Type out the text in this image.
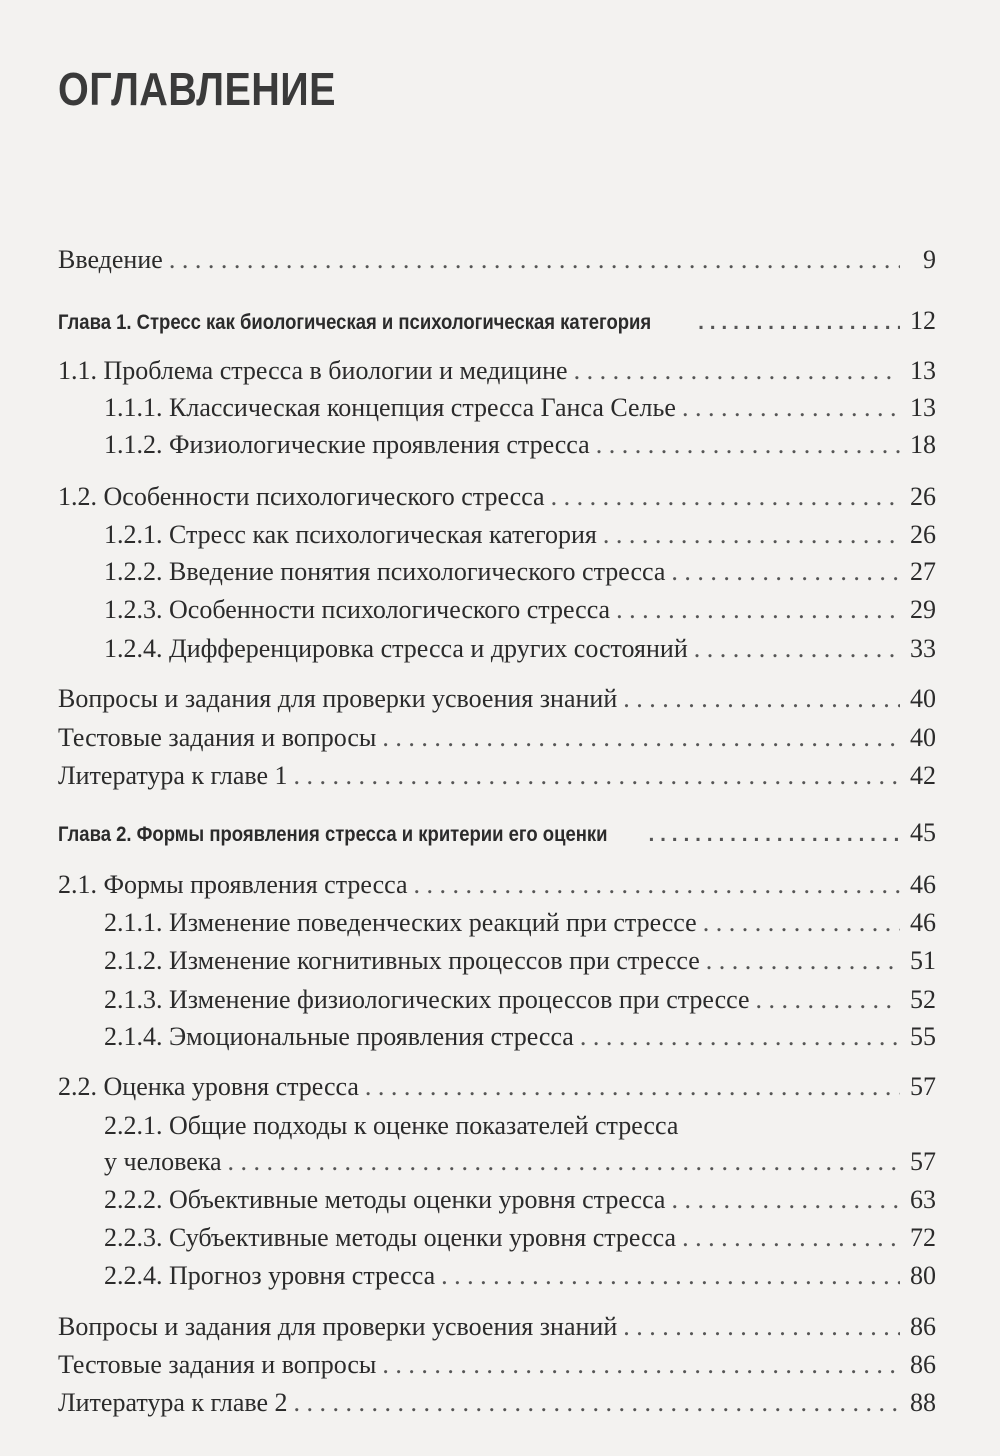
ОГЛАВЛЕНИЕ
Введение . . .	9
Глава 1. Стресс как биологическая и психологическая категория . . .	12
1.1. Проблема стресса в биологии и медицине . . .	13
1.1.1. Классическая концепция стресса Ганса Селье . . .	13
1.1.2. Физиологические проявления стресса . . .	18
1.2. Особенности психологического стресса . . .	26
1.2.1. Стресс как психологическая категория . . .	26
1.2.2. Введение понятия психологического стресса . . .	27
1.2.3. Особенности психологического стресса . . .	29
1.2.4. Дифференцировка стресса и других состояний . . .	33
Вопросы и задания для проверки усвоения знаний . . .	40
Тестовые задания и вопросы . . .	40
Литература к главе 1 . . .	42
Глава 2. Формы проявления стресса и критерии его оценки . . .	45
2.1. Формы проявления стресса . . .	46
2.1.1. Изменение поведенческих реакций при стрессе . . .	46
2.1.2. Изменение когнитивных процессов при стрессе . . .	51
2.1.3. Изменение физиологических процессов при стрессе . . .	52
2.1.4. Эмоциональные проявления стресса . . .	55
2.2. Оценка уровня стресса . . .	57
2.2.1. Общие подходы к оценке показателей стресса
у человека . . .	57
2.2.2. Объективные методы оценки уровня стресса . . .	63
2.2.3. Субъективные методы оценки уровня стресса . . .	72
2.2.4. Прогноз уровня стресса . . .	80
Вопросы и задания для проверки усвоения знаний . . .	86
Тестовые задания и вопросы . . .	86
Литература к главе 2 . . .	88
